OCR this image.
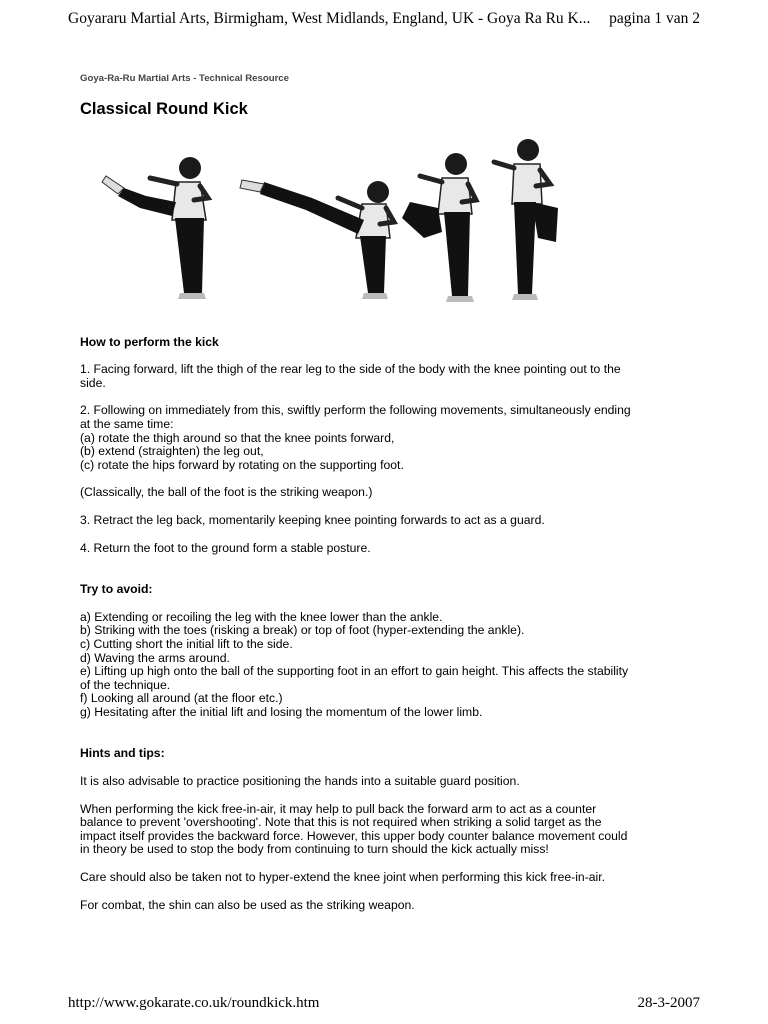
Goyararu Martial Arts, Birmigham, West Midlands, England, UK - Goya Ra Ru K... pagina 1 van 2
Goya-Ra-Ru Martial Arts - Technical Resource
Classical Round Kick
How to perform the kick
1. Facing forward, lift the thigh of the rear leg to the side of the body with the knee pointing out to the side.
2. Following on immediately from this, swiftly perform the following movements, simultaneously ending at the same time:
(a) rotate the thigh around so that the knee points forward,
(b) extend (straighten) the leg out,
(c) rotate the hips forward by rotating on the supporting foot.
(Classically, the ball of the foot is the striking weapon.)
3. Retract the leg back, momentarily keeping knee pointing forwards to act as a guard.
4. Return the foot to the ground form a stable posture.
Try to avoid:
a) Extending or recoiling the leg with the knee lower than the ankle.
b) Striking with the toes (risking a break) or top of foot (hyper-extending the ankle).
c) Cutting short the initial lift to the side.
d) Waving the arms around.
e) Lifting up high onto the ball of the supporting foot in an effort to gain height. This affects the stability of the technique.
f) Looking all around (at the floor etc.)
g) Hesitating after the initial lift and losing the momentum of the lower limb.
Hints and tips:
It is also advisable to practice positioning the hands into a suitable guard position.
When performing the kick free-in-air, it may help to pull back the forward arm to act as a counter balance to prevent 'overshooting'. Note that this is not required when striking a solid target as the impact itself provides the backward force. However, this upper body counter balance movement could in theory be used to stop the body from continuing to turn should the kick actually miss!
Care should also be taken not to hyper-extend the knee joint when performing this kick free-in-air.
For combat, the shin can also be used as the striking weapon.
http://www.gokarate.co.uk/roundkick.htm	28-3-2007
